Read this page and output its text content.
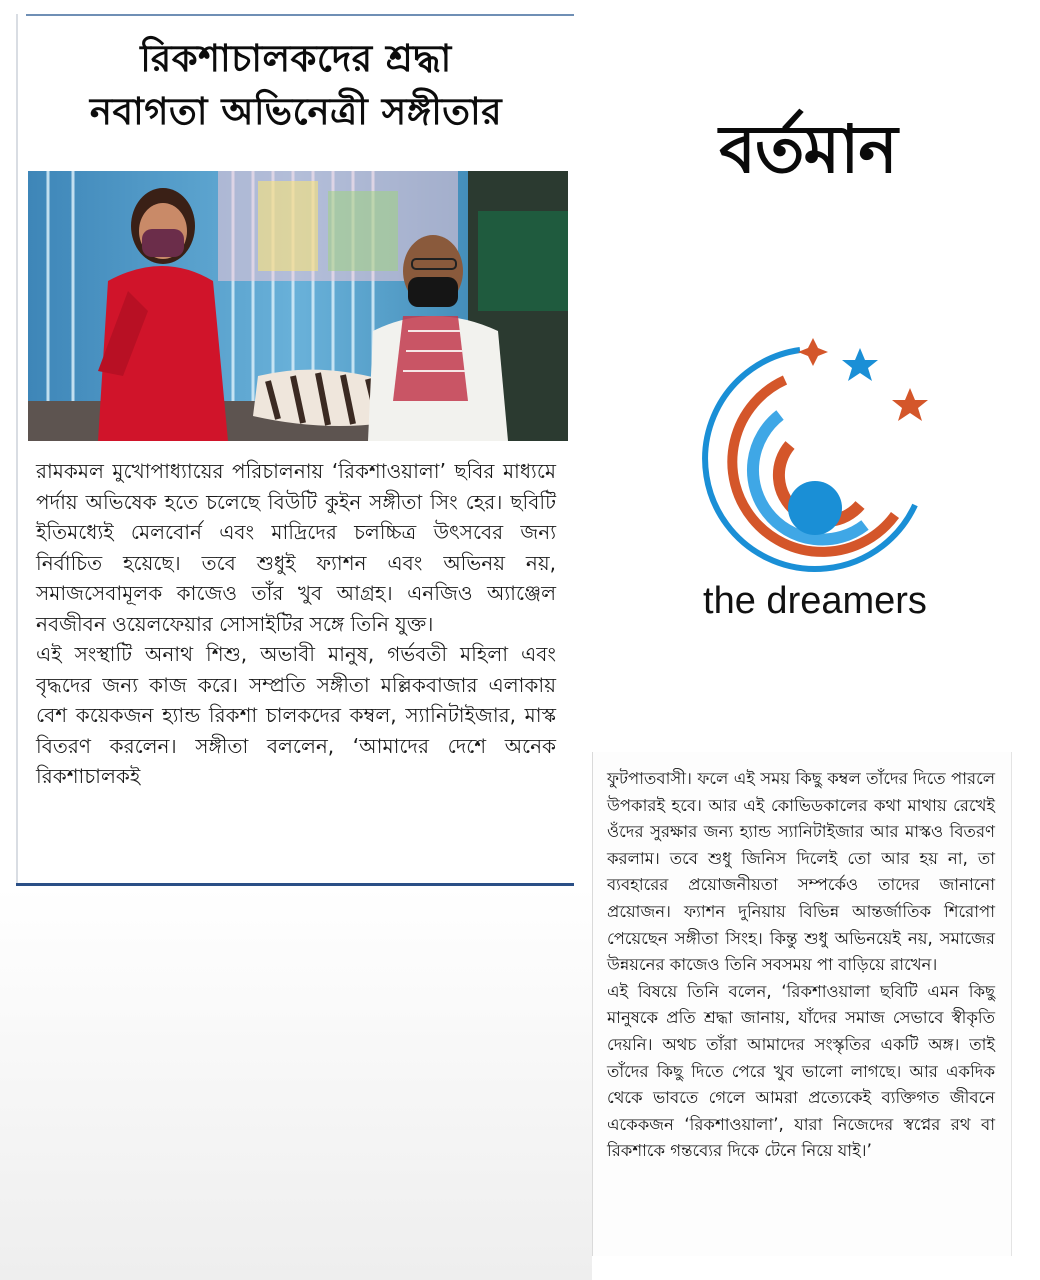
রিকশাচালকদের শ্রদ্ধা
নবাগতা অভিনেত্রী সঙ্গীতার

রামকমল মুখোপাধ্যায়ের পরিচালনায় ‘রিকশাওয়ালা’ ছবির মাধ্যমে পর্দায় অভিষেক হতে চলেছে বিউটি কুইন সঙ্গীতা সিং‌ হের। ছবিটি ইতিমধ্যেই মেলবোর্ন এবং মাদ্রিদের চলচ্চিত্র উৎসবের জন্য নির্বাচিত হয়েছে। তবে শুধুই ফ্যাশন এবং অভিনয় নয়, সমাজসেবামূলক কাজেও তাঁর খুব আগ্রহ। এনজিও অ্যাঞ্জেল নবজীবন ওয়েলফেয়ার সোসাইটির সঙ্গে তিনি যুক্ত।

এই সংস্থাটি অনাথ শিশু, অভাবী মানুষ, গর্ভবতী মহিলা এবং বৃদ্ধদের জন্য কাজ করে। সম্প্রতি সঙ্গীতা মল্লিকবাজার এলাকায় বেশ কয়েকজন হ্যান্ড রিকশা চালকদের কম্বল, স্যানিটাইজার, মাস্ক বিতরণ করলেন। সঙ্গীতা বললেন, ‘আমাদের দেশে অনেক রিকশাচালকই

বর্তমান
the dreamers

ফুটপাতবাসী। ফলে এই সময় কিছু কম্বল তাঁদের দিতে পারলে উপকারই হবে। আর এই কোভিডকালের কথা মাথায় রেখেই ওঁদের সুরক্ষার জন্য হ্যান্ড স্যানিটাইজার আর মাস্কও বিতরণ করলাম। তবে শুধু জিনিস দিলেই তো আর হয় না, তা ব্যবহারের প্রয়োজনীয়তা সম্পর্কেও তাদের জানানো প্রয়োজন। ফ্যাশন দুনিয়ায় বিভিন্ন আন্তর্জাতিক শিরোপা পেয়েছেন সঙ্গীতা সিংহ। কিন্তু শুধু অভিনয়েই নয়, সমাজের উন্নয়নের কাজেও তিনি সবসময় পা বাড়িয়ে রাখেন।

এই বিষয়ে তিনি বলেন, ‘রিকশাওয়ালা ছবিটি এমন কিছু মানুষকে প্রতি শ্রদ্ধা জানায়, যাঁদের সমাজ সেভাবে স্বীকৃতি দেয়নি। অথচ তাঁরা আমাদের সংস্কৃতির একটি অঙ্গ। তাই তাঁদের কিছু দিতে পেরে খুব ভালো লাগছে। আর একদিক থেকে ভাবতে গেলে আমরা প্রত্যেকেই ব্যক্তিগত জীবনে একেকজন ‘রিকশাওয়ালা’, যারা নিজেদের স্বপ্নের রথ বা রিকশাকে গন্তব্যের দিকে টেনে নিয়ে যাই।’
